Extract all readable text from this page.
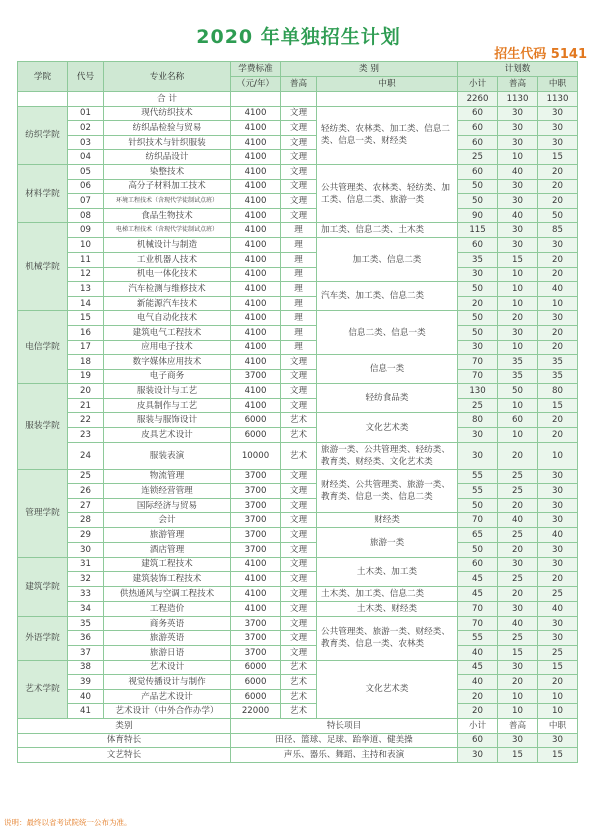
2020 年单独招生计划
招生代码 5141
学院	代号	专业名称	学费标准	类 别		计划数		
			（元/年）	普高	中职	小计	普高	中职
		合 计				2260	1130	1130
纺织学院	01	现代纺织技术	4100	文理	轻纺类、农林类、加工类、信息二类、信息一类、财经类	60	30	30
	02	纺织品检验与贸易	4100	文理		60	30	30
	03	针织技术与针织服装	4100	文理		60	30	30
	04	纺织品设计	4100	文理		25	10	15
材料学院	05	染整技术	4100	文理	公共管理类、农林类、轻纺类、加工类、信息二类、旅游一类	60	40	20
	06	高分子材料加工技术	4100	文理		50	30	20
	07	环境工程技术（含现代学徒制试点班）	4100	文理		50	30	20
	08	食品生物技术	4100	文理		90	40	50
机械学院	09	电梯工程技术（含现代学徒制试点班）	4100	理	加工类、信息二类、土木类	115	30	85
	10	机械设计与制造	4100	理	加工类、信息二类	60	30	30
	11	工业机器人技术	4100	理		35	15	20
	12	机电一体化技术	4100	理		30	10	20
	13	汽车检测与维修技术	4100	理	汽车类、加工类、信息二类	50	10	40
	14	新能源汽车技术	4100	理		20	10	10
电信学院	15	电气自动化技术	4100	理	信息二类、信息一类	50	20	30
	16	建筑电气工程技术	4100	理		50	30	20
	17	应用电子技术	4100	理		30	10	20
	18	数字媒体应用技术	4100	文理	信息一类	70	35	35
	19	电子商务	3700	文理		70	35	35
服装学院	20	服装设计与工艺	4100	文理	轻纺食品类	130	50	80
	21	皮具制作与工艺	4100	文理		25	10	15
	22	服装与服饰设计	6000	艺术	文化艺术类	80	60	20
	23	皮具艺术设计	6000	艺术		30	10	20
	24	服装表演	10000	艺术	旅游一类、公共管理类、轻纺类、教育类、财经类、文化艺术类	30	20	10
管理学院	25	物流管理	3700	文理	财经类、公共管理类、旅游一类、教育类、信息一类、信息二类	55	25	30
	26	连锁经营管理	3700	文理		55	25	30
	27	国际经济与贸易	3700	文理		50	20	30
	28	会计	3700	文理	财经类	70	40	30
	29	旅游管理	3700	文理	旅游一类	65	25	40
	30	酒店管理	3700	文理		50	20	30
建筑学院	31	建筑工程技术	4100	文理	土木类、加工类	60	30	30
	32	建筑装饰工程技术	4100	文理		45	25	20
	33	供热通风与空调工程技术	4100	文理	土木类、加工类、信息二类	45	20	25
	34	工程造价	4100	文理	土木类、财经类	70	30	40
外语学院	35	商务英语	3700	文理	公共管理类、旅游一类、财经类、教育类、信息一类、农林类	70	40	30
	36	旅游英语	3700	文理		55	25	30
	37	旅游日语	3700	文理		40	15	25
艺术学院	38	艺术设计	6000	艺术	文化艺术类	45	30	15
	39	视觉传播设计与制作	6000	艺术		40	20	20
	40	产品艺术设计	6000	艺术		20	10	10
	41	艺术设计（中外合作办学）	22000	艺术		20	10	10
类别			特长项目			小计	普高	中职
体育特长			田径、篮球、足球、跆拳道、健美操			60	30	30
文艺特长			声乐、器乐、舞蹈、主持和表演			30	15	15
说明：最终以省考试院统一公布为准。
